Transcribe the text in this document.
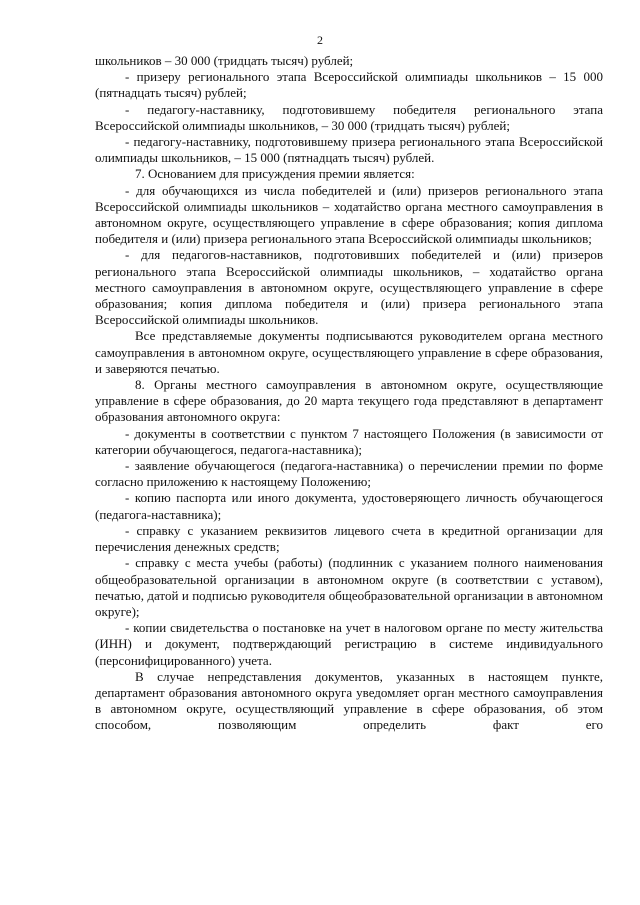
2

школьников – 30 000 (тридцать тысяч) рублей;

- призеру регионального этапа Всероссийской олимпиады школьников – 15 000 (пятнадцать тысяч) рублей;

- педагогу-наставнику, подготовившему победителя регионального этапа Всероссийской олимпиады школьников, – 30 000 (тридцать тысяч) рублей;

- педагогу-наставнику, подготовившему призера регионального этапа Всероссийской олимпиады школьников, – 15 000 (пятнадцать тысяч) рублей.

7. Основанием для присуждения премии является:

- для обучающихся из числа победителей и (или) призеров регионального этапа Всероссийской олимпиады школьников – ходатайство органа местного самоуправления в автономном округе, осуществляющего управление в сфере образования; копия диплома победителя и (или) призера регионального этапа Всероссийской олимпиады школьников;

- для педагогов-наставников, подготовивших победителей и (или) призеров регионального этапа Всероссийской олимпиады школьников, – ходатайство органа местного самоуправления в автономном округе, осуществляющего управление в сфере образования; копия диплома победителя и (или) призера регионального этапа Всероссийской олимпиады школьников.

Все представляемые документы подписываются руководителем органа местного самоуправления в автономном округе, осуществляющего управление в сфере образования, и заверяются печатью.

8. Органы местного самоуправления в автономном округе, осуществляющие управление в сфере образования, до 20 марта текущего года представляют в департамент образования автономного округа:

- документы в соответствии с пунктом 7 настоящего Положения (в зависимости от категории обучающегося, педагога-наставника);

- заявление обучающегося (педагога-наставника) о перечислении премии по форме согласно приложению к настоящему Положению;

- копию паспорта или иного документа, удостоверяющего личность обучающегося (педагога-наставника);

- справку с указанием реквизитов лицевого счета в кредитной организации для перечисления денежных средств;

- справку с места учебы (работы) (подлинник с указанием полного наименования общеобразовательной организации в автономном округе (в соответствии с уставом), печатью, датой и подписью руководителя общеобразовательной организации в автономном округе);

- копии свидетельства о постановке на учет в налоговом органе по месту жительства (ИНН) и документ, подтверждающий регистрацию в системе индивидуального (персонифицированного) учета.

В случае непредставления документов, указанных в настоящем пункте, департамент образования автономного округа уведомляет орган местного самоуправления в автономном округе, осуществляющий управление в сфере образования, об этом способом, позволяющим определить факт его
